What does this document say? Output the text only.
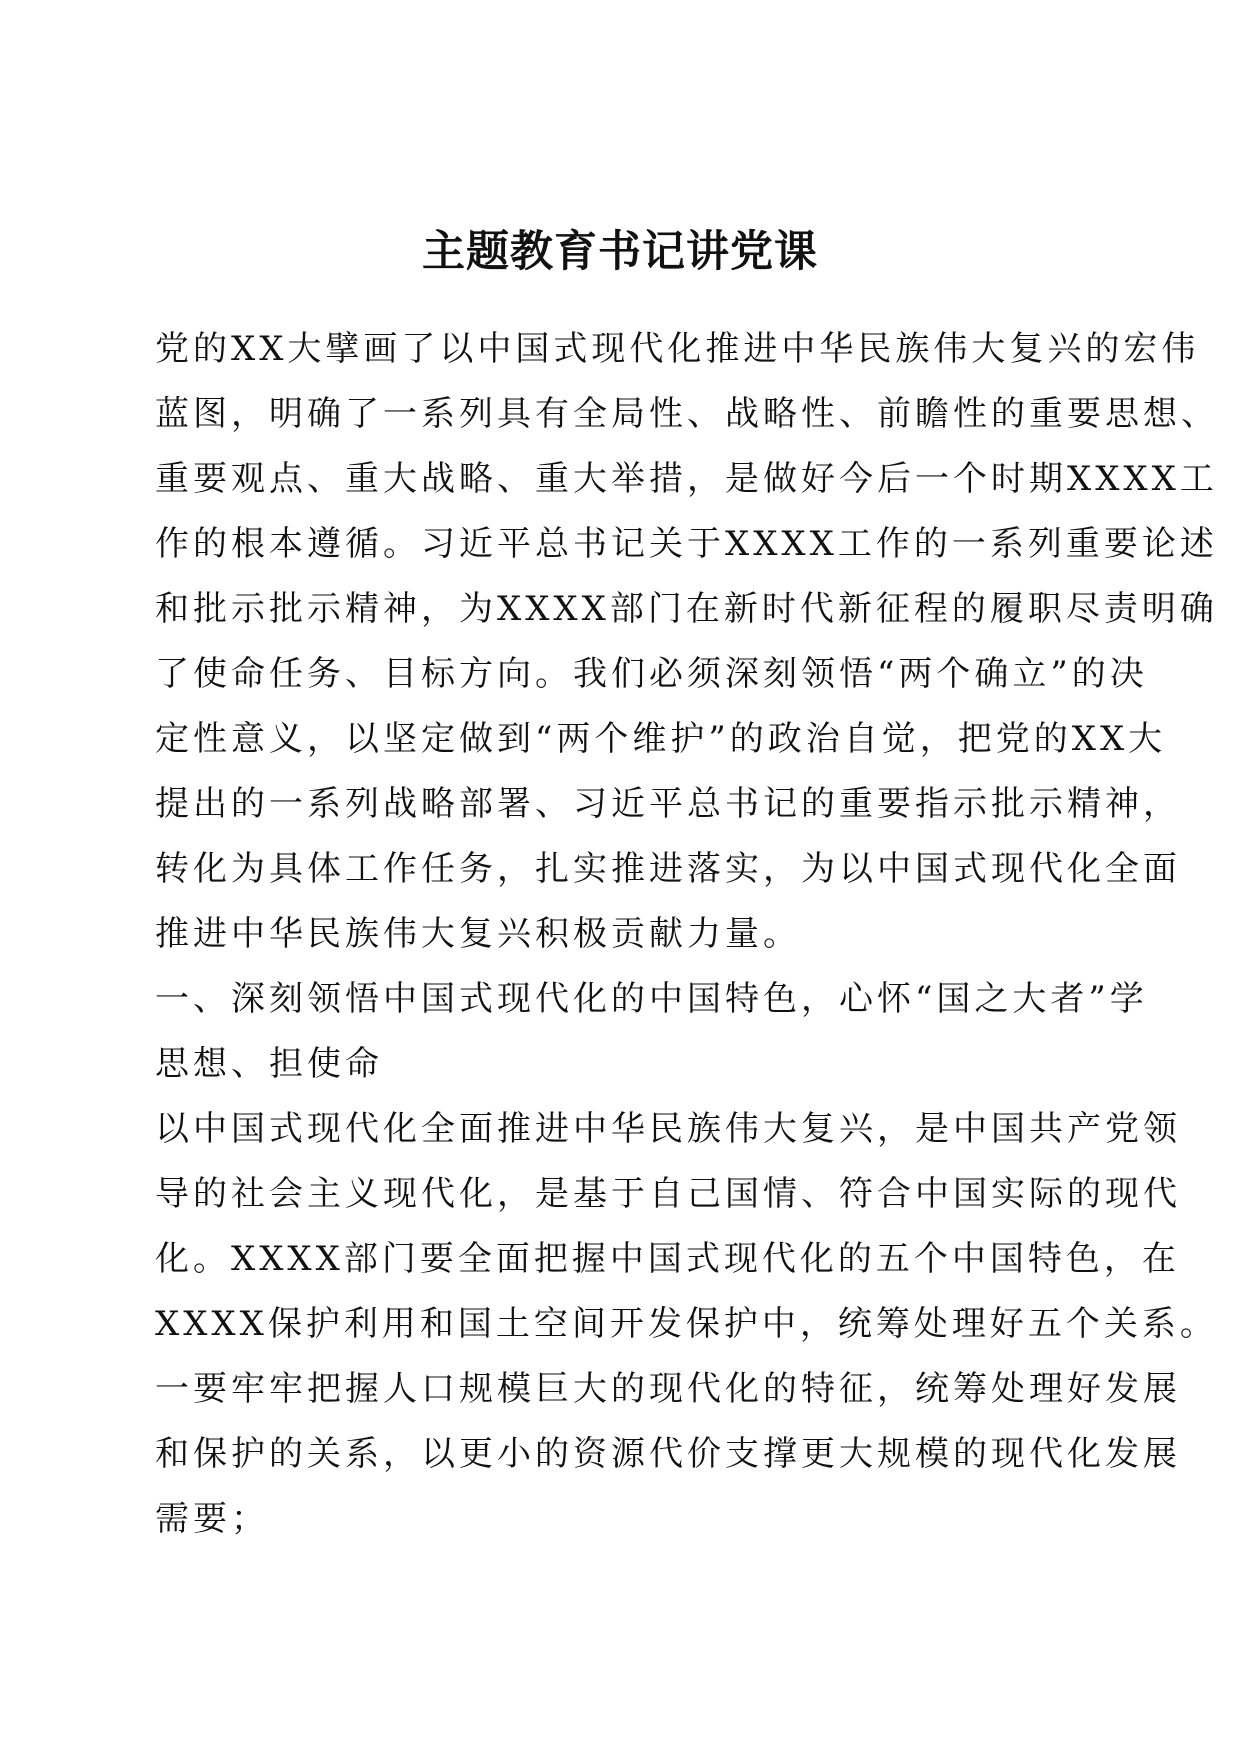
主题教育书记讲党课
党的XX大擘画了以中国式现代化推进中华民族伟大复兴的宏伟
蓝图，明确了一系列具有全局性、战略性、前瞻性的重要思想、
重要观点、重大战略、重大举措，是做好今后一个时期XXXX工
作的根本遵循。习近平总书记关于XXXX工作的一系列重要论述
和批示批示精神，为XXXX部门在新时代新征程的履职尽责明确
了使命任务、目标方向。我们必须深刻领悟“两个确立”的决
定性意义，以坚定做到“两个维护”的政治自觉，把党的XX大
提出的一系列战略部署、习近平总书记的重要指示批示精神，
转化为具体工作任务，扎实推进落实，为以中国式现代化全面
推进中华民族伟大复兴积极贡献力量。
一、深刻领悟中国式现代化的中国特色，心怀“国之大者”学
思想、担使命
以中国式现代化全面推进中华民族伟大复兴，是中国共产党领
导的社会主义现代化，是基于自己国情、符合中国实际的现代
化。XXXX部门要全面把握中国式现代化的五个中国特色，在
XXXX保护利用和国土空间开发保护中，统筹处理好五个关系。
一要牢牢把握人口规模巨大的现代化的特征，统筹处理好发展
和保护的关系，以更小的资源代价支撑更大规模的现代化发展
需要；
